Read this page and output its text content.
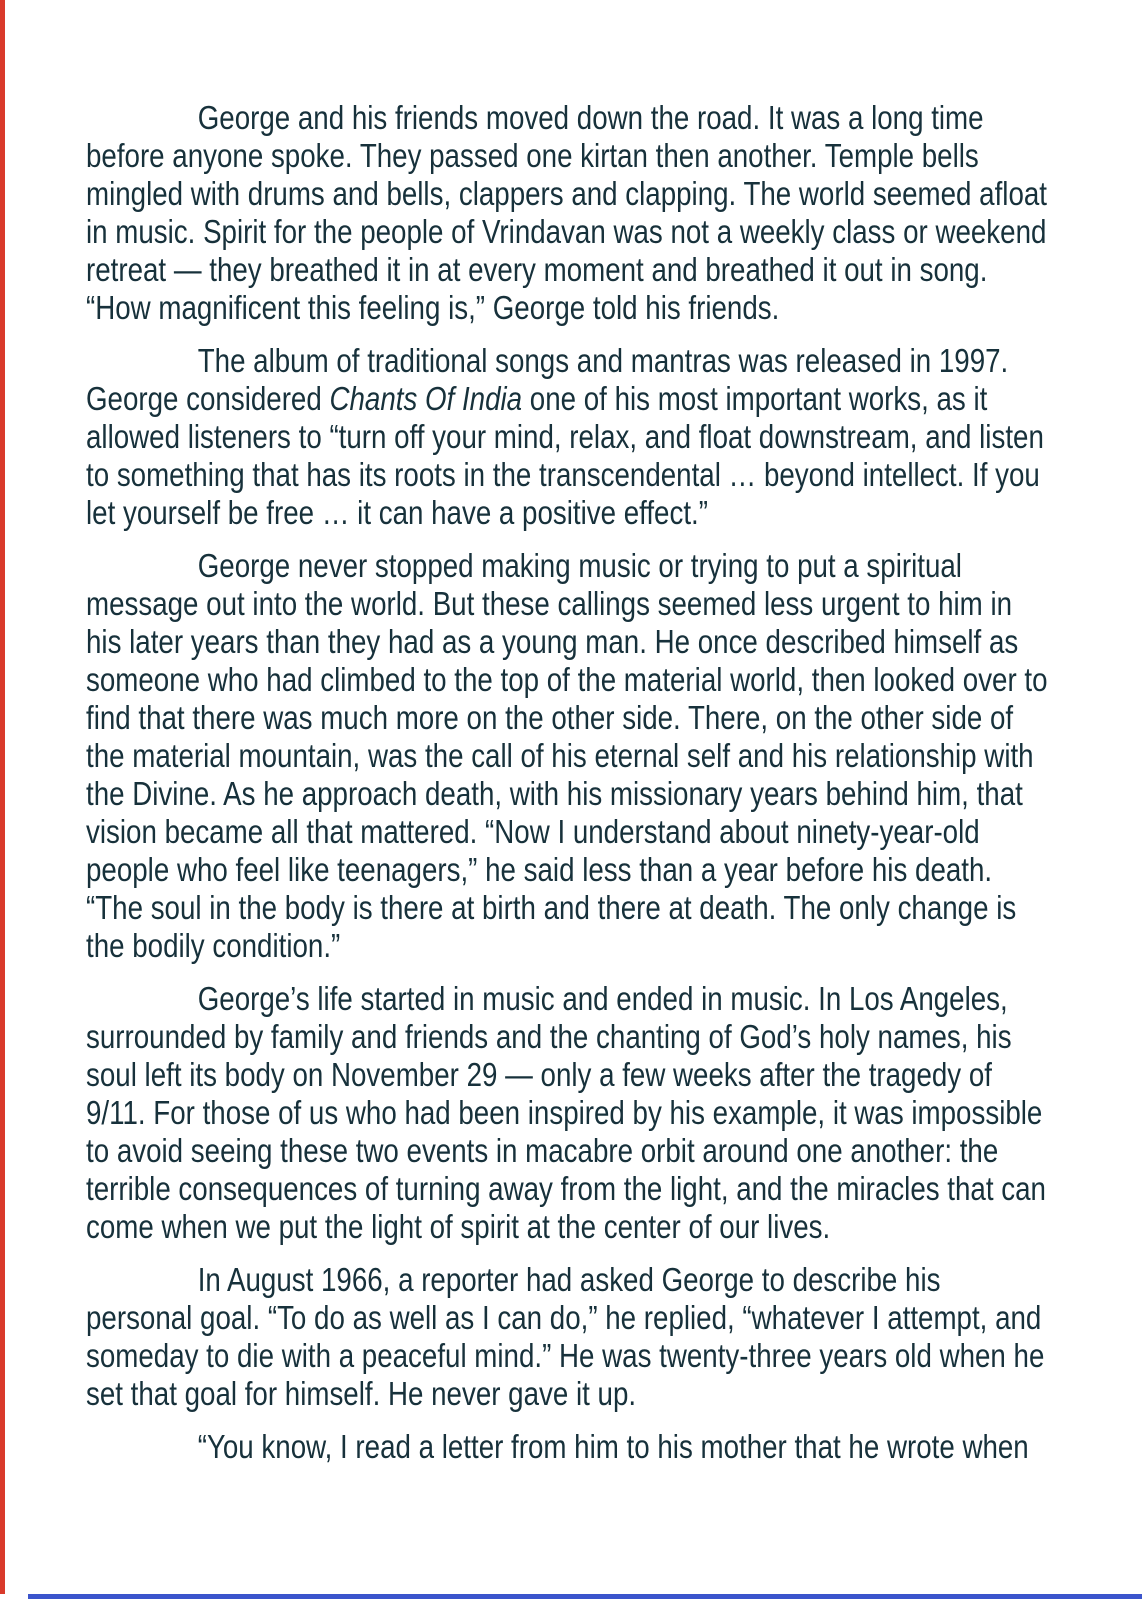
George and his friends moved down the road. It was a long time before anyone spoke. They passed one kirtan then another. Temple bells mingled with drums and bells, clappers and clapping. The world seemed afloat in music. Spirit for the people of Vrindavan was not a weekly class or weekend retreat — they breathed it in at every moment and breathed it out in song. “How magnificent this feeling is,” George told his friends.

The album of traditional songs and mantras was released in 1997. George considered Chants Of India one of his most important works, as it allowed listeners to “turn off your mind, relax, and float downstream, and listen to something that has its roots in the transcendental … beyond intellect. If you let yourself be free … it can have a positive effect.”

George never stopped making music or trying to put a spiritual message out into the world. But these callings seemed less urgent to him in his later years than they had as a young man. He once described himself as someone who had climbed to the top of the material world, then looked over to find that there was much more on the other side. There, on the other side of the material mountain, was the call of his eternal self and his relationship with the Divine. As he approach death, with his missionary years behind him, that vision became all that mattered. “Now I understand about ninety-year-old people who feel like teenagers,” he said less than a year before his death. “The soul in the body is there at birth and there at death. The only change is the bodily condition.”

George’s life started in music and ended in music. In Los Angeles, surrounded by family and friends and the chanting of God’s holy names, his soul left its body on November 29 — only a few weeks after the tragedy of 9/11. For those of us who had been inspired by his example, it was impossible to avoid seeing these two events in macabre orbit around one another: the terrible consequences of turning away from the light, and the miracles that can come when we put the light of spirit at the center of our lives.

In August 1966, a reporter had asked George to describe his personal goal. “To do as well as I can do,” he replied, “whatever I attempt, and someday to die with a peaceful mind.” He was twenty-three years old when he set that goal for himself. He never gave it up.

“You know, I read a letter from him to his mother that he wrote when
